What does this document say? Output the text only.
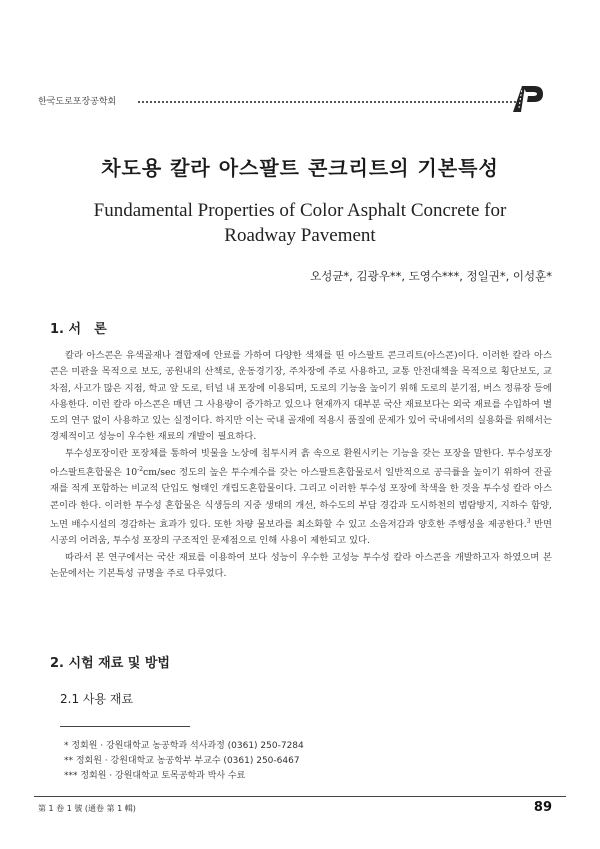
한국도로포장공학회
차도용 칼라 아스팔트 콘크리트의 기본특성
Fundamental Properties of Color Asphalt Concrete for Roadway Pavement
오성균*, 김광우**, 도영수***, 정일권*, 이성훈*
1. 서　론

칼라 아스콘은 유색골재나 결합재에 안료를 가하여 다양한 색채를 띤 아스팔트 콘크리트(아스콘)이다. 이러한 칼라 아스콘은 미관을 목적으로 보도, 공원내의 산책로, 운동경기장, 주차장에 주로 사용하고, 교통 안전대책을 목적으로 횡단보도, 교차점, 사고가 많은 지점, 학교 앞 도로, 터널 내 포장에 이용되며, 도로의 기능을 높이기 위해 도로의 분기점, 버스 정류장 등에 사용한다. 이런 칼라 아스콘은 매년 그 사용량이 증가하고 있으나 현재까지 대부분 국산 재료보다는 외국 재료를 수입하여 별도의 연구 없이 사용하고 있는 실정이다. 하지만 이는 국내 골재에 적용시 품질에 문제가 있어 국내에서의 실용화를 위해서는 경제적이고 성능이 우수한 재료의 개발이 필요하다.

투수성포장이란 포장체를 통하여 빗물을 노상에 침투시켜 흙 속으로 환원시키는 기능을 갖는 포장을 말한다. 투수성포장 아스팔트혼합물은 $10^{-2}cm/\sec$ 정도의 높은 투수계수를 갖는 아스팔트혼합물로서 일반적으로 공극률을 높이기 위하여 잔골재를 적게 포함하는 비교적 단입도 형태인 개립도혼합물이다. 그리고 이러한 투수성 포장에 착색을 한 것을 투수성 칼라 아스콘이라 한다. 이러한 투수성 혼합물은 식생등의 지중 생태의 개선, 하수도의 부담 경감과 도시하천의 범람방지, 지하수 함양, 노면 배수시설의 경감하는 효과가 있다. 또한 차량 물보라를 최소화할 수 있고 소음저감과 양호한 주행성을 제공한다.$^3$ 반면 시공의 어려움, 투수성 포장의 구조적인 문제점으로 인해 사용이 제한되고 있다.

따라서 본 연구에서는 국산 재료를 이용하여 보다 성능이 우수한 고성능 투수성 칼라 아스콘을 개발하고자 하였으며 본 논문에서는 기본특성 규명을 주로 다루었다.

2. 시험 재료 및 방법
2.1 사용 재료
* 정회원 · 강원대학교 농공학과 석사과정 (0361) 250-7284
** 정회원 · 강원대학교 농공학부 부교수 (0361) 250-6467
*** 정회원 · 강원대학교 토목공학과 박사 수료
第 1 卷 1 號 (通卷 第 1 輯)	89
